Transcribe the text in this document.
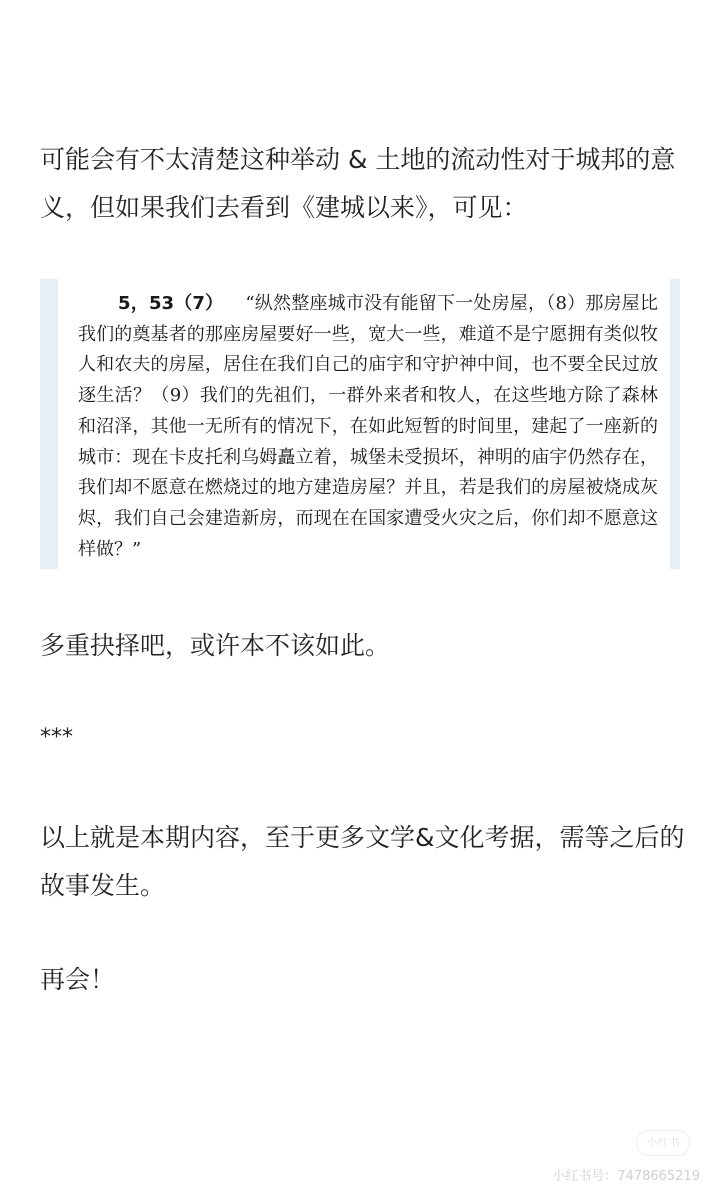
可能会有不太清楚这种举动 & 土地的流动性对于城邦的意义，但如果我们去看到《建城以来》，可见：

5，53（7） “纵然整座城市没有能留下一处房屋，（8）那房屋比我们的奠基者的那座房屋要好一些，宽大一些，难道不是宁愿拥有类似牧人和农夫的房屋，居住在我们自己的庙宇和守护神中间，也不要全民过放逐生活？（9）我们的先祖们，一群外来者和牧人，在这些地方除了森林和沼泽，其他一无所有的情况下，在如此短暂的时间里，建起了一座新的城市：现在卡皮托利乌姆矗立着，城堡未受损坏，神明的庙宇仍然存在，我们却不愿意在燃烧过的地方建造房屋？并且，若是我们的房屋被烧成灰烬，我们自己会建造新房，而现在在国家遭受火灾之后，你们却不愿意这样做？”

多重抉择吧，或许本不该如此。

***

以上就是本期内容，至于更多文学&文化考据，需等之后的故事发生。

再会！

小红书
小红书号：7478665219
